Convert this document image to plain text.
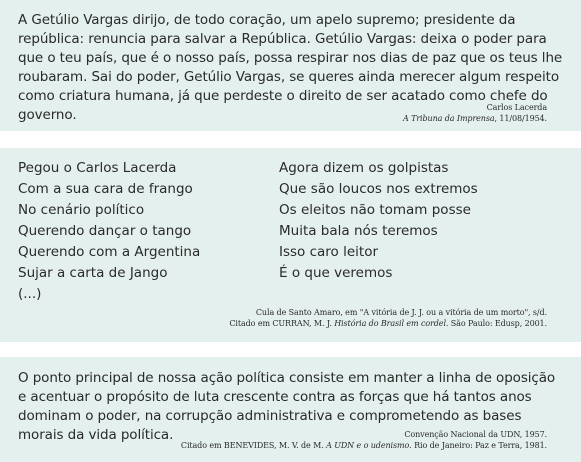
A Getúlio Vargas dirijo, de todo coração, um apelo supremo; presidente da república: renuncia para salvar a República. Getúlio Vargas: deixa o poder para que o teu país, que é o nosso país, possa respirar nos dias de paz que os teus lhe roubaram. Sai do poder, Getúlio Vargas, se queres ainda merecer algum respeito como criatura humana, já que perdeste o direito de ser acatado como chefe do governo.	Carlos Lacerda
A Tribuna da Imprensa, 11/08/1954.
Pegou o Carlos Lacerda
Com a sua cara de frango
No cenário político
Querendo dançar o tango
Querendo com a Argentina
Sujar a carta de Jango
(...)
Agora dizem os golpistas
Que são loucos nos extremos
Os eleitos não tomam posse
Muita bala nós teremos
Isso caro leitor
É o que veremos
Cula de Santo Amaro, em "A vitória de J. J. ou a vitória de um morto", s/d.
Citado em CURRAN, M. J. História do Brasil em cordel. São Paulo: Edusp, 2001.

O ponto principal de nossa ação política consiste em manter a linha de oposição e acentuar o propósito de luta crescente contra as forças que há tantos anos dominam o poder, na corrupção administrativa e comprometendo as bases morais da vida política.	Convenção Nacional da UDN, 1957.
Citado em BENEVIDES, M. V. de M. A UDN e o udenismo. Rio de Janeiro: Paz e Terra, 1981.
